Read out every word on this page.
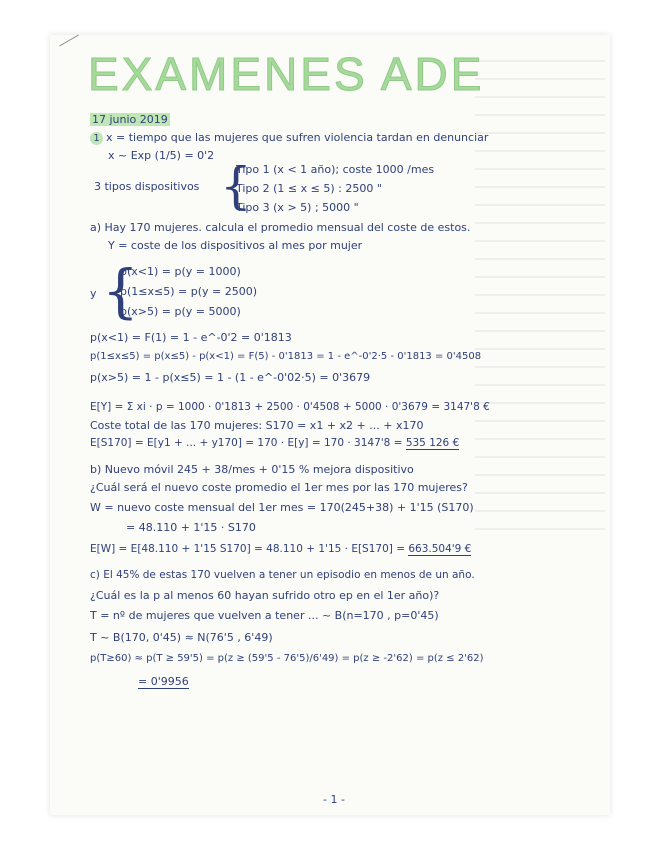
EXAMENES ADE
17 junio 2019
1 x = tiempo que las mujeres que sufren violencia tardan en denunciar
x ~ Exp (1/5) = 0'2
3 tipos dispositivos {
Tipo 1 (x < 1 año); coste 1000 /mes
Tipo 2 (1 ≤ x ≤ 5) : 2500 "
Tipo 3 (x > 5) ; 5000 "
a) Hay 170 mujeres. calcula el promedio mensual del coste de estos.
Y = coste de los dispositivos al mes por mujer
y {
p(x<1) = p(y = 1000)
p(1≤x≤5) = p(y = 2500)
p(x>5) = p(y = 5000)
p(x<1) = F(1) = 1 - e^-0'2 = 0'1813
p(1≤x≤5) = p(x≤5) - p(x<1) = F(5) - 0'1813 = 1 - e^-0'2·5 - 0'1813 = 0'4508
p(x>5) = 1 - p(x≤5) = 1 - (1 - e^-0'02·5) = 0'3679
E[Y] = Σ xi · p = 1000 · 0'1813 + 2500 · 0'4508 + 5000 · 0'3679 = 3147'8 €
Coste total de las 170 mujeres: S170 = x1 + x2 + ... + x170
E[S170] = E[y1 + ... + y170] = 170 · E[y] = 170 · 3147'8 = 535 126 €
b) Nuevo móvil 245 + 38/mes + 0'15 % mejora dispositivo
¿Cuál será el nuevo coste promedio el 1er mes por las 170 mujeres?
W = nuevo coste mensual del 1er mes = 170(245+38) + 1'15 (S170)
= 48.110 + 1'15 · S170
E[W] = E[48.110 + 1'15 S170] = 48.110 + 1'15 · E[S170] = 663.504'9 €
c) El 45% de estas 170 vuelven a tener un episodio en menos de un año.
¿Cuál es la p al menos 60 hayan sufrido otro ep en el 1er año)?
T = nº de mujeres que vuelven a tener ... ~ B(n=170 , p=0'45)
T ~ B(170, 0'45) ≈ N(76'5 , 6'49)
p(T≥60) ≈ p(T ≥ 59'5) = p(z ≥ (59'5 - 76'5)/6'49) = p(z ≥ -2'62) = p(z ≤ 2'62)
= 0'9956
- 1 -
